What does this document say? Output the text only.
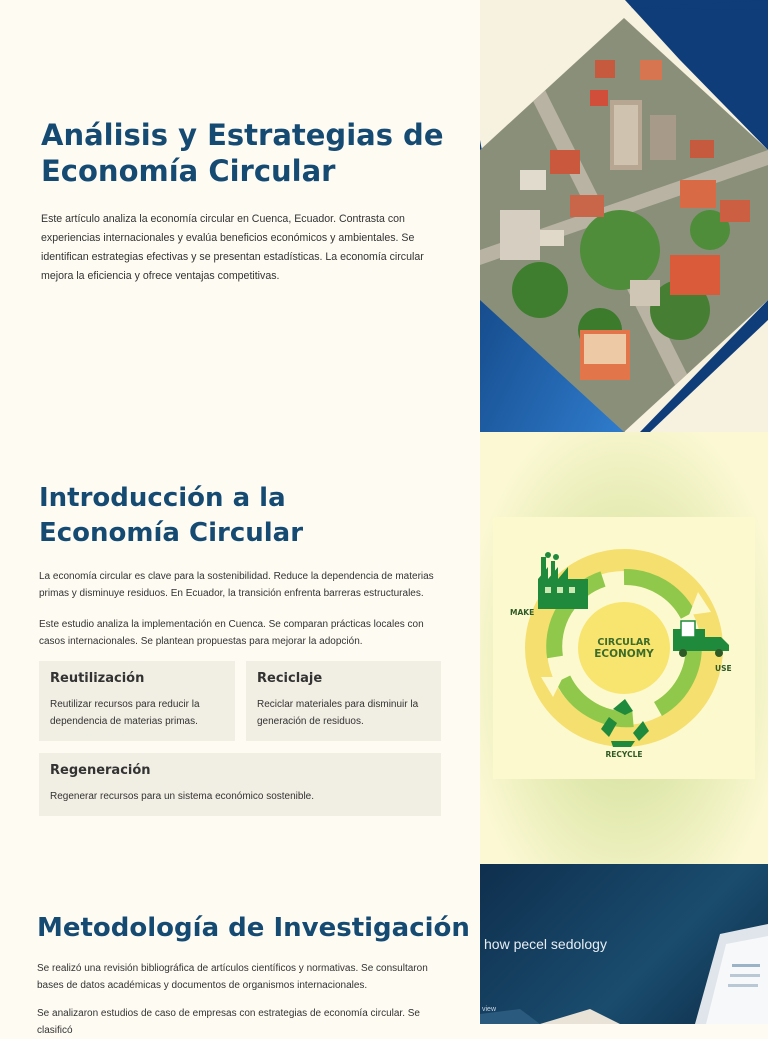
Análisis y Estrategias de Economía Circular

Este artículo analiza la economía circular en Cuenca, Ecuador. Contrasta con experiencias internacionales y evalúa beneficios económicos y ambientales. Se identifican estrategias efectivas y se presentan estadísticas. La economía circular mejora la eficiencia y ofrece ventajas competitivas.

Introducción a la Economía Circular

La economía circular es clave para la sostenibilidad. Reduce la dependencia de materias primas y disminuye residuos. En Ecuador, la transición enfrenta barreras estructurales.

Este estudio analiza la implementación en Cuenca. Se comparan prácticas locales con casos internacionales. Se plantean propuestas para mejorar la adopción.

Reutilización

Reutilizar recursos para reducir la dependencia de materias primas.

Reciclaje

Reciclar materiales para disminuir la generación de residuos.

Regeneración

Regenerar recursos para un sistema económico sostenible.

Metodología de Investigación

Se realizó una revisión bibliográfica de artículos científicos y normativas. Se consultaron bases de datos académicas y documentos de organismos internacionales.

Se analizaron estudios de caso de empresas con estrategias de economía circular. Se clasificó

CIRCULAR
ECONOMY
MAKE
USE
RECYCLE
how pecel sedology
view
